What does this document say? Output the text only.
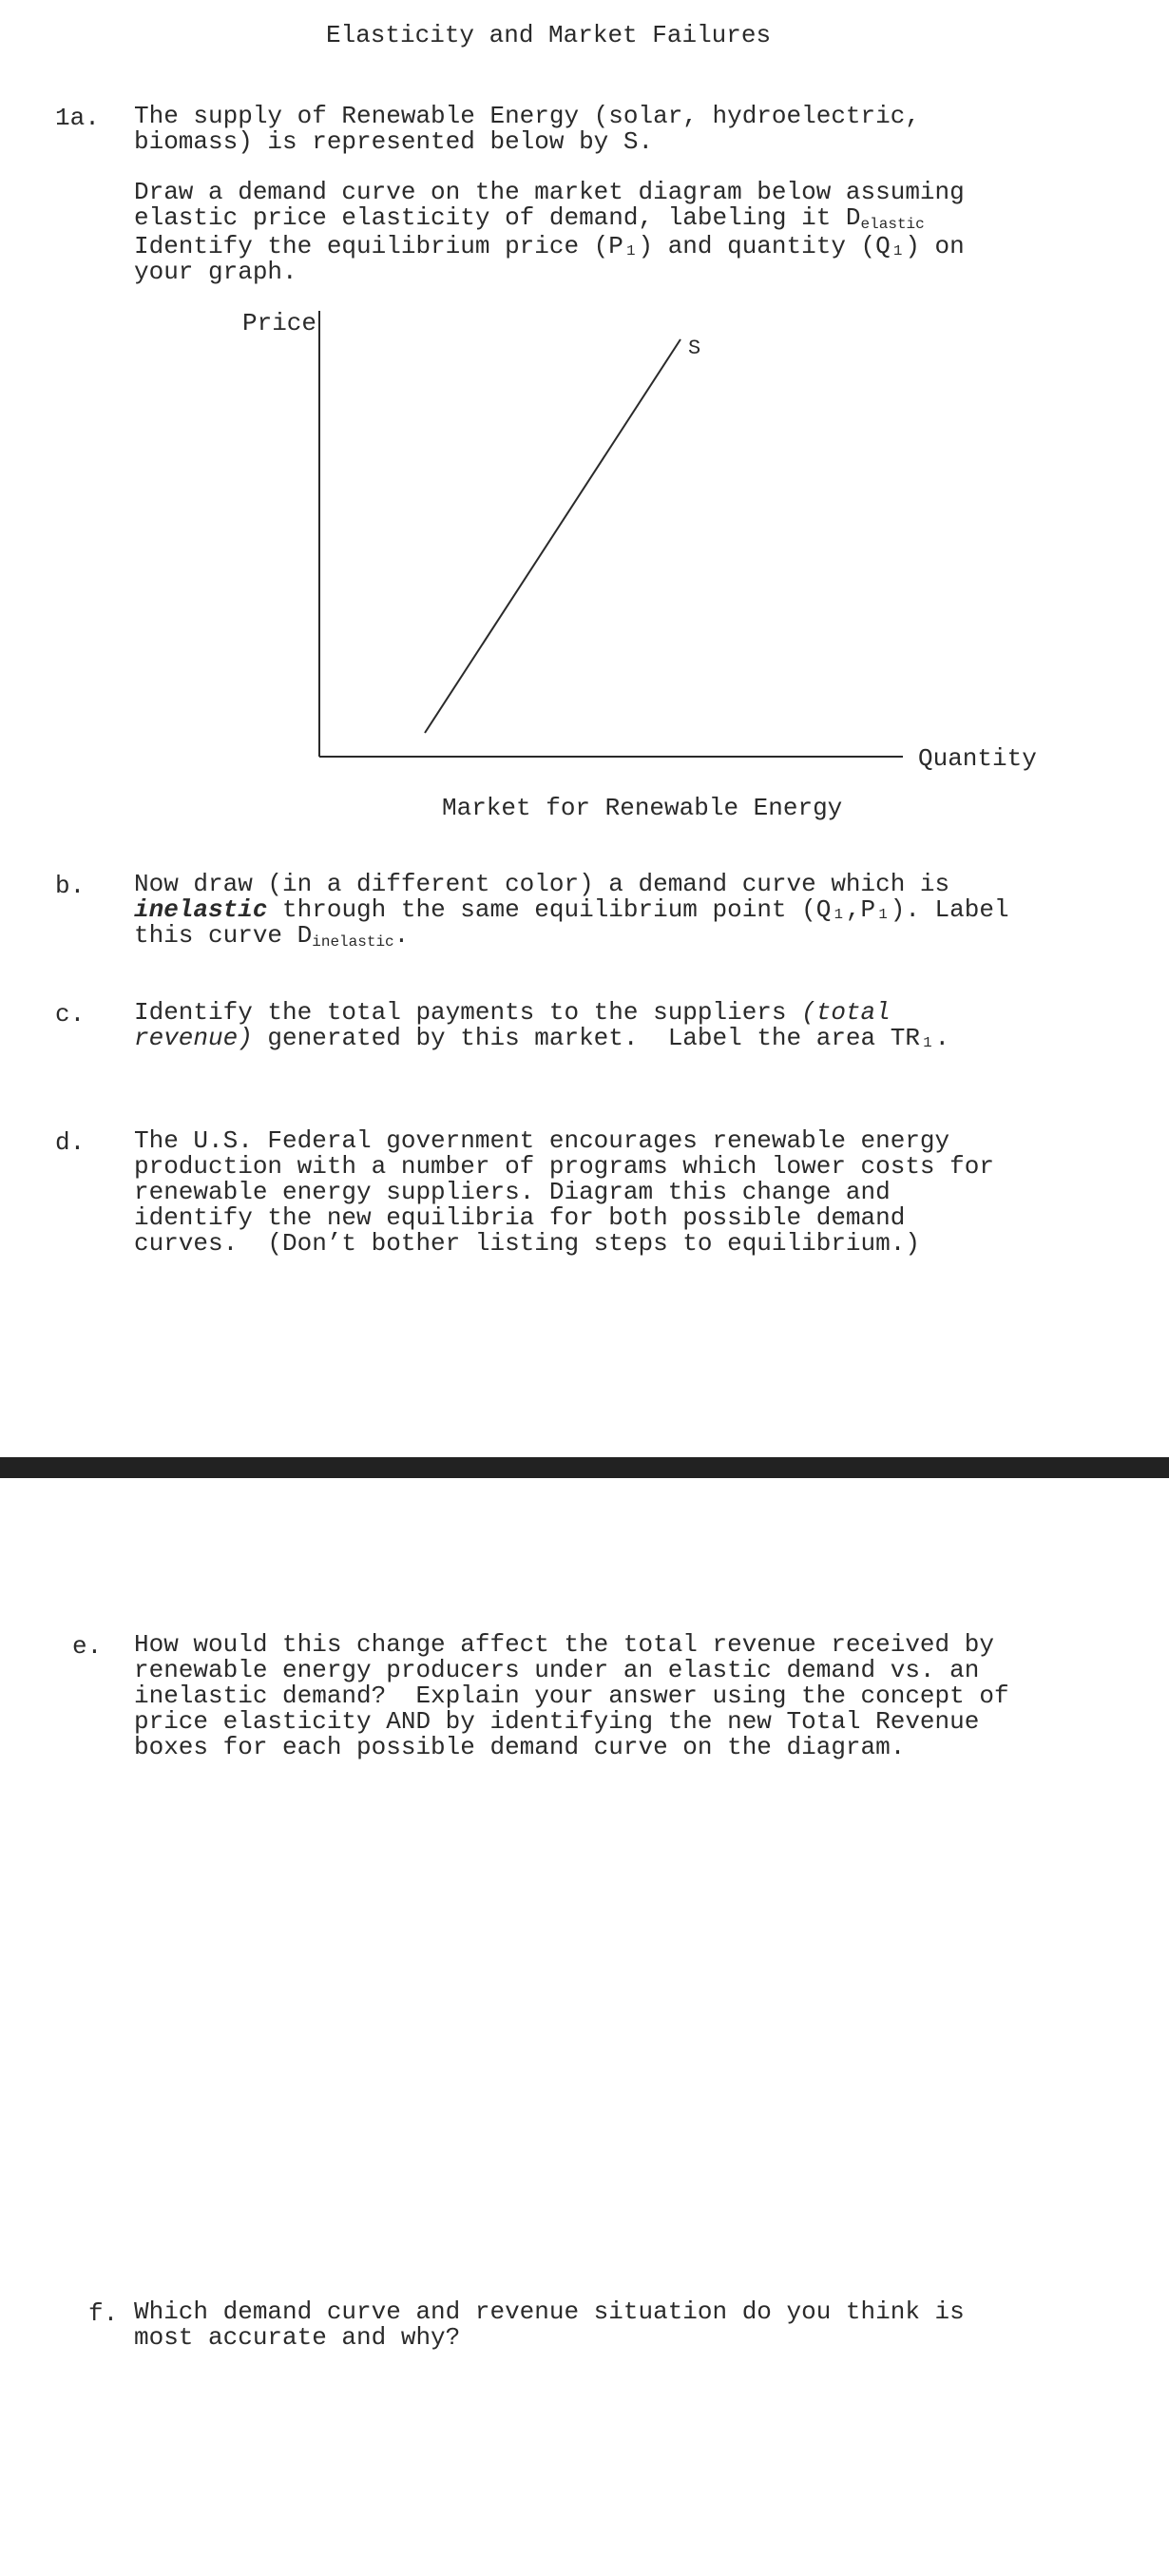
Elasticity and Market Failures
1a. The supply of Renewable Energy (solar, hydroelectric,

biomass) is represented below by S.

Draw a demand curve on the market diagram below assuming

elastic price elasticity of demand, labeling it Delastic

Identify the equilibrium price (P₁) and quantity (Q₁) on

your graph.

Price
Quantity
S
Market for Renewable Energy
b. Now draw (in a different color) a demand curve which is

inelastic through the same equilibrium point (Q₁,P₁). Label

this curve Dinelastic.

c. Identify the total payments to the suppliers (total

revenue) generated by this market.  Label the area TR₁.

d. The U.S. Federal government encourages renewable energy

production with a number of programs which lower costs for

renewable energy suppliers. Diagram this change and

identify the new equilibria for both possible demand

curves.  (Don’t bother listing steps to equilibrium.)

e. How would this change affect the total revenue received by

renewable energy producers under an elastic demand vs. an

inelastic demand?  Explain your answer using the concept of

price elasticity AND by identifying the new Total Revenue

boxes for each possible demand curve on the diagram.

f. Which demand curve and revenue situation do you think is

most accurate and why?
